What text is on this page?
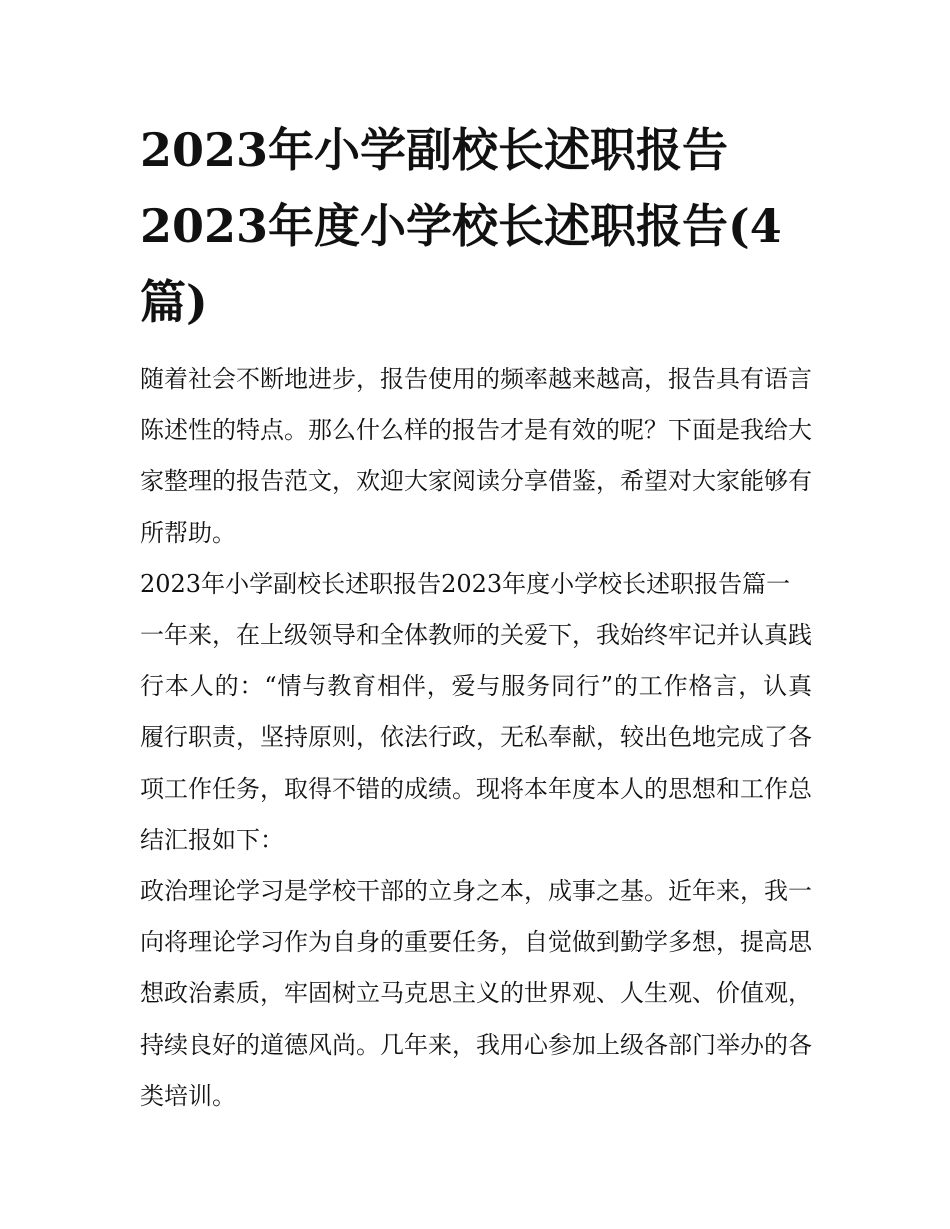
2023年小学副校长述职报告2023年度小学校长述职报告(4篇)

随着社会不断地进步，报告使用的频率越来越高，报告具有语言陈述性的特点。那么什么样的报告才是有效的呢？下面是我给大家整理的报告范文，欢迎大家阅读分享借鉴，希望对大家能够有所帮助。

2023年小学副校长述职报告2023年度小学校长述职报告篇一

一年来，在上级领导和全体教师的关爱下，我始终牢记并认真践行本人的：“情与教育相伴，爱与服务同行”的工作格言，认真履行职责，坚持原则，依法行政，无私奉献，较出色地完成了各项工作任务，取得不错的成绩。现将本年度本人的思想和工作总结汇报如下：

政治理论学习是学校干部的立身之本，成事之基。近年来，我一向将理论学习作为自身的重要任务，自觉做到勤学多想，提高思想政治素质，牢固树立马克思主义的世界观、人生观、价值观，持续良好的道德风尚。几年来，我用心参加上级各部门举办的各类培训。
